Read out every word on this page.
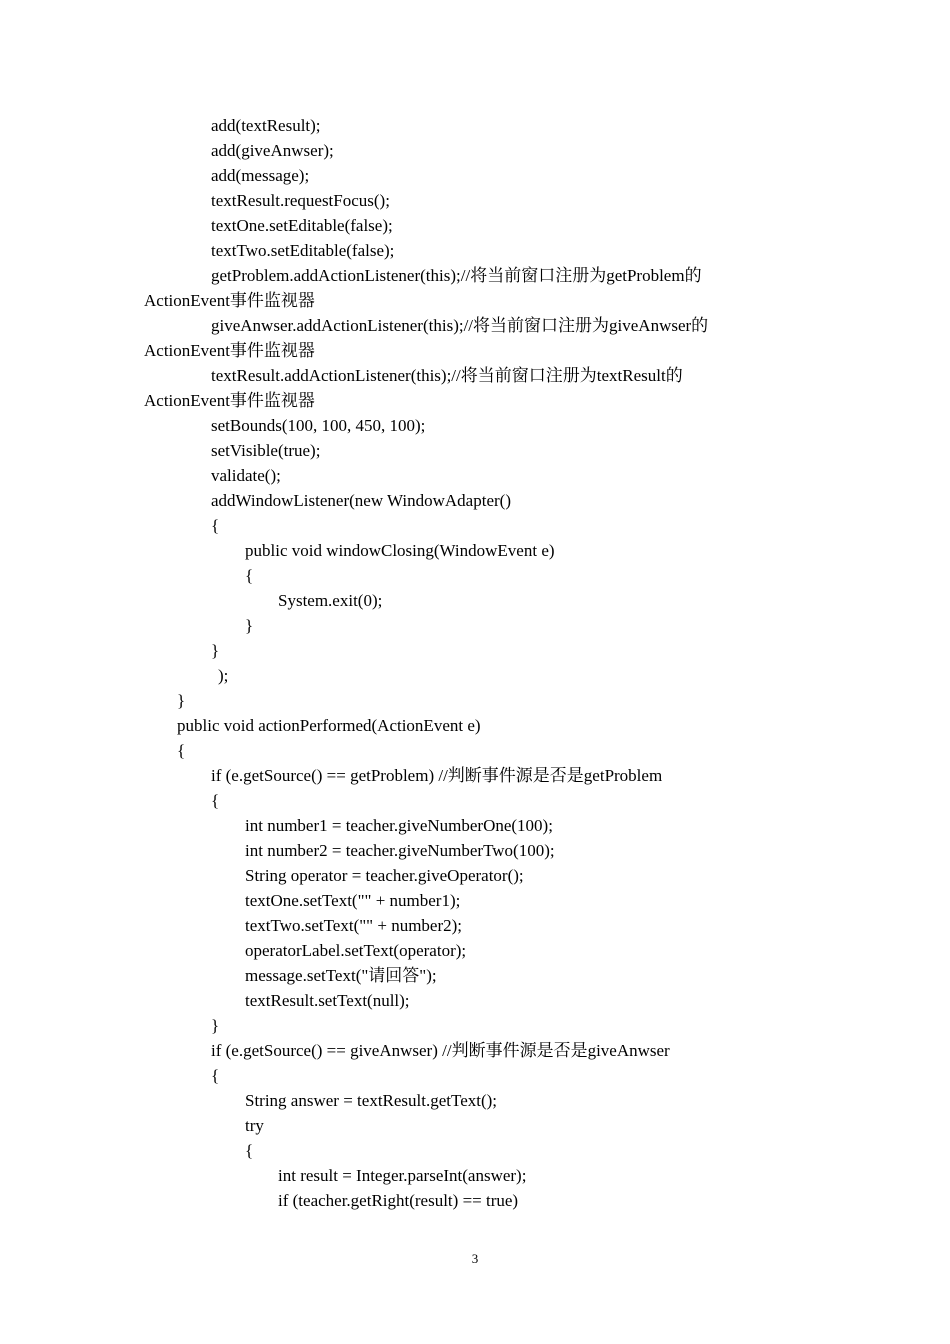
add(textResult);
add(giveAnwser);
add(message);
textResult.requestFocus();
textOne.setEditable(false);
textTwo.setEditable(false);
getProblem.addActionListener(this);//将当前窗口注册为getProblem的
ActionEvent事件监视器
giveAnwser.addActionListener(this);//将当前窗口注册为giveAnwser的
ActionEvent事件监视器
textResult.addActionListener(this);//将当前窗口注册为textResult的
ActionEvent事件监视器
setBounds(100, 100, 450, 100);
setVisible(true);
validate();
addWindowListener(new WindowAdapter()
{
public void windowClosing(WindowEvent e)
{
System.exit(0);
}
}
);
}
public void actionPerformed(ActionEvent e)
{
if (e.getSource() == getProblem) //判断事件源是否是getProblem
{
int number1 = teacher.giveNumberOne(100);
int number2 = teacher.giveNumberTwo(100);
String operator = teacher.giveOperator();
textOne.setText("" + number1);
textTwo.setText("" + number2);
operatorLabel.setText(operator);
message.setText("请回答");
textResult.setText(null);
}
if (e.getSource() == giveAnwser) //判断事件源是否是giveAnwser
{
String answer = textResult.getText();
try
{
int result = Integer.parseInt(answer);
if (teacher.getRight(result) == true)
3
